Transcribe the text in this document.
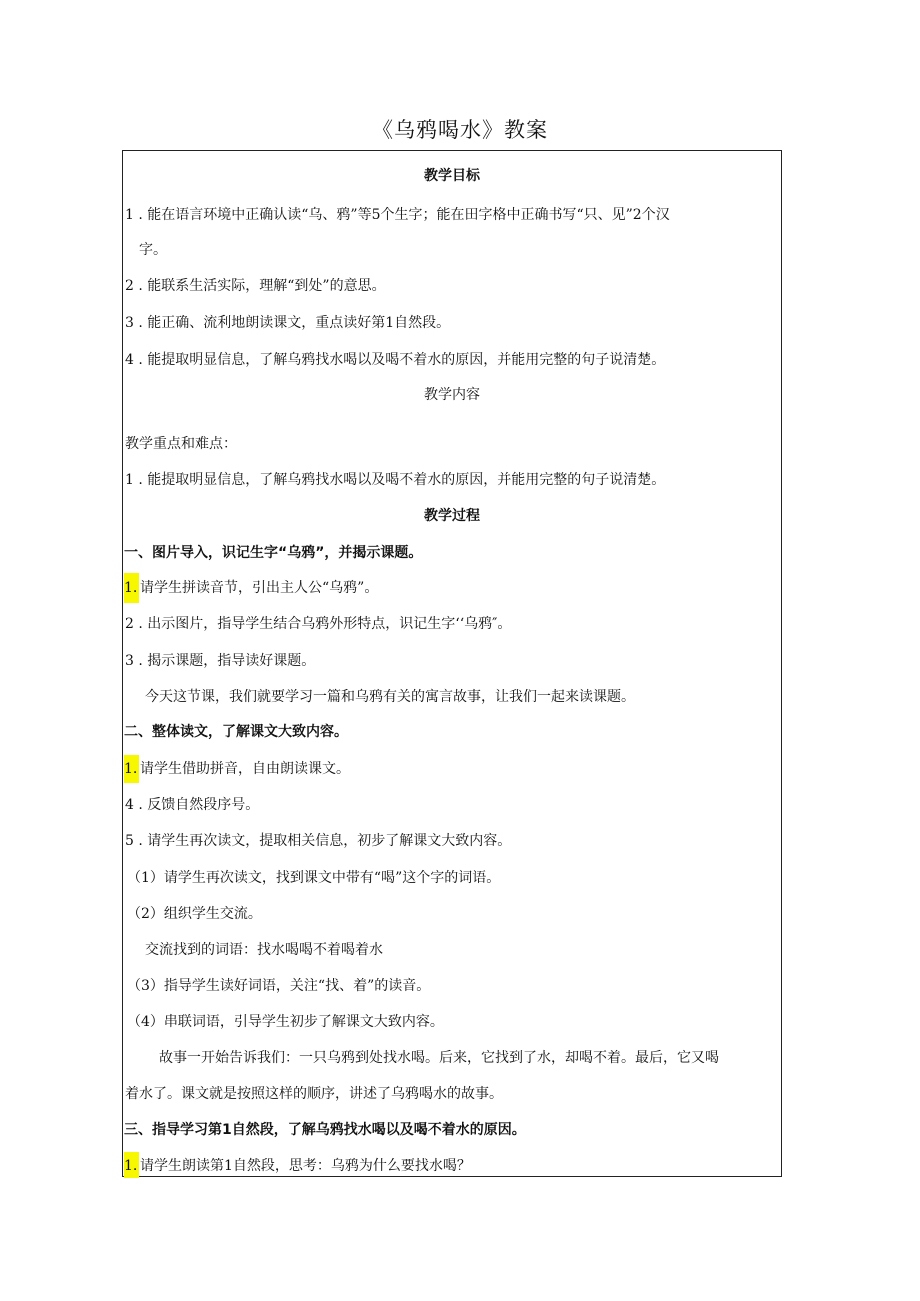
《乌鸦喝水》教案
教学目标
1 . 能在语言环境中正确认读“乌、鸦”等5个生字；能在田字格中正确书写“只、见”2个汉
字。
2 . 能联系生活实际，理解“到处”的意思。
3 . 能正确、流利地朗读课文，重点读好第1自然段。
4 . 能提取明显信息，了解乌鸦找水喝以及喝不着水的原因，并能用完整的句子说清楚。
教学内容
教学重点和难点：
1 . 能提取明显信息，了解乌鸦找水喝以及喝不着水的原因，并能用完整的句子说清楚。
教学过程
一、图片导入，识记生字“乌鸦”，并揭示课题。
1. 请学生拼读音节，引出主人公“乌鸦”。
2 . 出示图片，指导学生结合乌鸦外形特点，识记生字‘‘乌鸦″。
3 . 揭示课题，指导读好课题。
今天这节课，我们就要学习一篇和乌鸦有关的寓言故事，让我们一起来读课题。
二、整体读文，了解课文大致内容。
1. 请学生借助拼音，自由朗读课文。
4 . 反馈自然段序号。
5 . 请学生再次读文，提取相关信息，初步了解课文大致内容。
（1）请学生再次读文，找到课文中带有“喝”这个字的词语。
（2）组织学生交流。
交流找到的词语：找水喝喝不着喝着水
（3）指导学生读好词语，关注“找、着”的读音。
（4）串联词语，引导学生初步了解课文大致内容。
故事一开始告诉我们：一只乌鸦到处找水喝。后来，它找到了水，却喝不着。最后，它又喝
着水了。课文就是按照这样的顺序，讲述了乌鸦喝水的故事。
三、指导学习第1自然段，了解乌鸦找水喝以及喝不着水的原因。
1. 请学生朗读第1自然段，思考：乌鸦为什么要找水喝？
